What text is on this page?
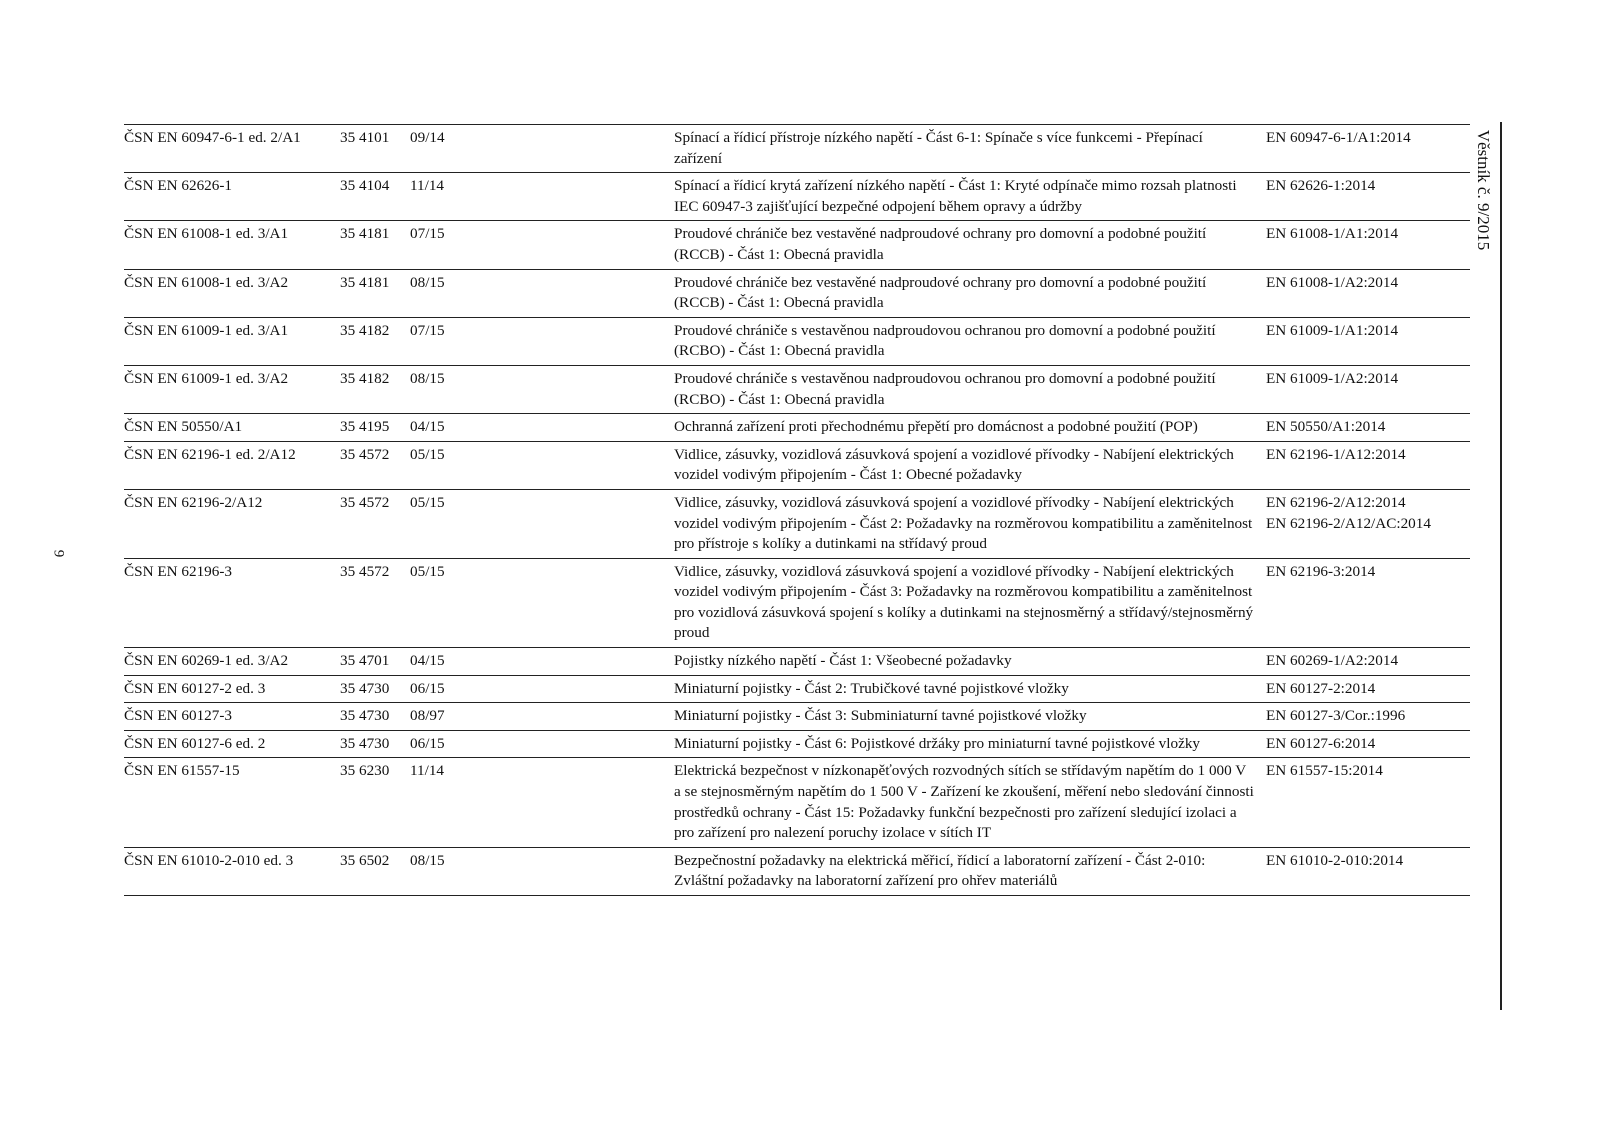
9
Věstník č. 9/2015
ČSN EN 60947-6-1 ed. 2/A1	35 4101	09/14	Spínací a řídicí přístroje nízkého napětí - Část 6-1: Spínače s více funkcemi - Přepínací zařízení	EN 60947-6-1/A1:2014

ČSN EN 62626-1	35 4104	11/14	Spínací a řídicí krytá zařízení nízkého napětí - Část 1: Kryté odpínače mimo rozsah platnosti IEC 60947-3 zajišťující bezpečné odpojení během opravy a údržby	EN 62626-1:2014

ČSN EN 61008-1 ed. 3/A1	35 4181	07/15	Proudové chrániče bez vestavěné nadproudové ochrany pro domovní a podobné použití (RCCB) - Část 1: Obecná pravidla	EN 61008-1/A1:2014

ČSN EN 61008-1 ed. 3/A2	35 4181	08/15	Proudové chrániče bez vestavěné nadproudové ochrany pro domovní a podobné použití (RCCB) - Část 1: Obecná pravidla	EN 61008-1/A2:2014

ČSN EN 61009-1 ed. 3/A1	35 4182	07/15	Proudové chrániče s vestavěnou nadproudovou ochranou pro domovní a podobné použití (RCBO) - Část 1: Obecná pravidla	EN 61009-1/A1:2014

ČSN EN 61009-1 ed. 3/A2	35 4182	08/15	Proudové chrániče s vestavěnou nadproudovou ochranou pro domovní a podobné použití (RCBO) - Část 1: Obecná pravidla	EN 61009-1/A2:2014

ČSN EN 50550/A1	35 4195	04/15	Ochranná zařízení proti přechodnému přepětí pro domácnost a podobné použití (POP)	EN 50550/A1:2014

ČSN EN 62196-1 ed. 2/A12	35 4572	05/15	Vidlice, zásuvky, vozidlová zásuvková spojení a vozidlové přívodky - Nabíjení elektrických vozidel vodivým připojením - Část 1: Obecné požadavky	EN 62196-1/A12:2014

ČSN EN 62196-2/A12	35 4572	05/15	Vidlice, zásuvky, vozidlová zásuvková spojení a vozidlové přívodky - Nabíjení elektrických vozidel vodivým připojením - Část 2: Požadavky na rozměrovou kompatibilitu a zaměnitelnost pro přístroje s kolíky a dutinkami na střídavý proud	EN 62196-2/A12:2014
EN 62196-2/A12/AC:2014

ČSN EN 62196-3	35 4572	05/15	Vidlice, zásuvky, vozidlová zásuvková spojení a vozidlové přívodky - Nabíjení elektrických vozidel vodivým připojením - Část 3: Požadavky na rozměrovou kompatibilitu a zaměnitelnost pro vozidlová zásuvková spojení s kolíky a dutinkami na stejnosměrný a střídavý/stejnosměrný proud	EN 62196-3:2014

ČSN EN 60269-1 ed. 3/A2	35 4701	04/15	Pojistky nízkého napětí - Část 1: Všeobecné požadavky	EN 60269-1/A2:2014

ČSN EN 60127-2 ed. 3	35 4730	06/15	Miniaturní pojistky - Část 2: Trubičkové tavné pojistkové vložky	EN 60127-2:2014

ČSN EN 60127-3	35 4730	08/97	Miniaturní pojistky - Část 3: Subminiaturní tavné pojistkové vložky	EN 60127-3/Cor.:1996

ČSN EN 60127-6 ed. 2	35 4730	06/15	Miniaturní pojistky - Část 6: Pojistkové držáky pro miniaturní tavné pojistkové vložky	EN 60127-6:2014

ČSN EN 61557-15	35 6230	11/14	Elektrická bezpečnost v nízkonapěťových rozvodných sítích se střídavým napětím do 1 000 V a se stejnosměrným napětím do 1 500 V - Zařízení ke zkoušení, měření nebo sledování činnosti prostředků ochrany - Část 15: Požadavky funkční bezpečnosti pro zařízení sledující izolaci a pro zařízení pro nalezení poruchy izolace v sítích IT	EN 61557-15:2014

ČSN EN 61010-2-010 ed. 3	35 6502	08/15	Bezpečnostní požadavky na elektrická měřicí, řídicí a laboratorní zařízení - Část 2-010: Zvláštní požadavky na laboratorní zařízení pro ohřev materiálů	EN 61010-2-010:2014
